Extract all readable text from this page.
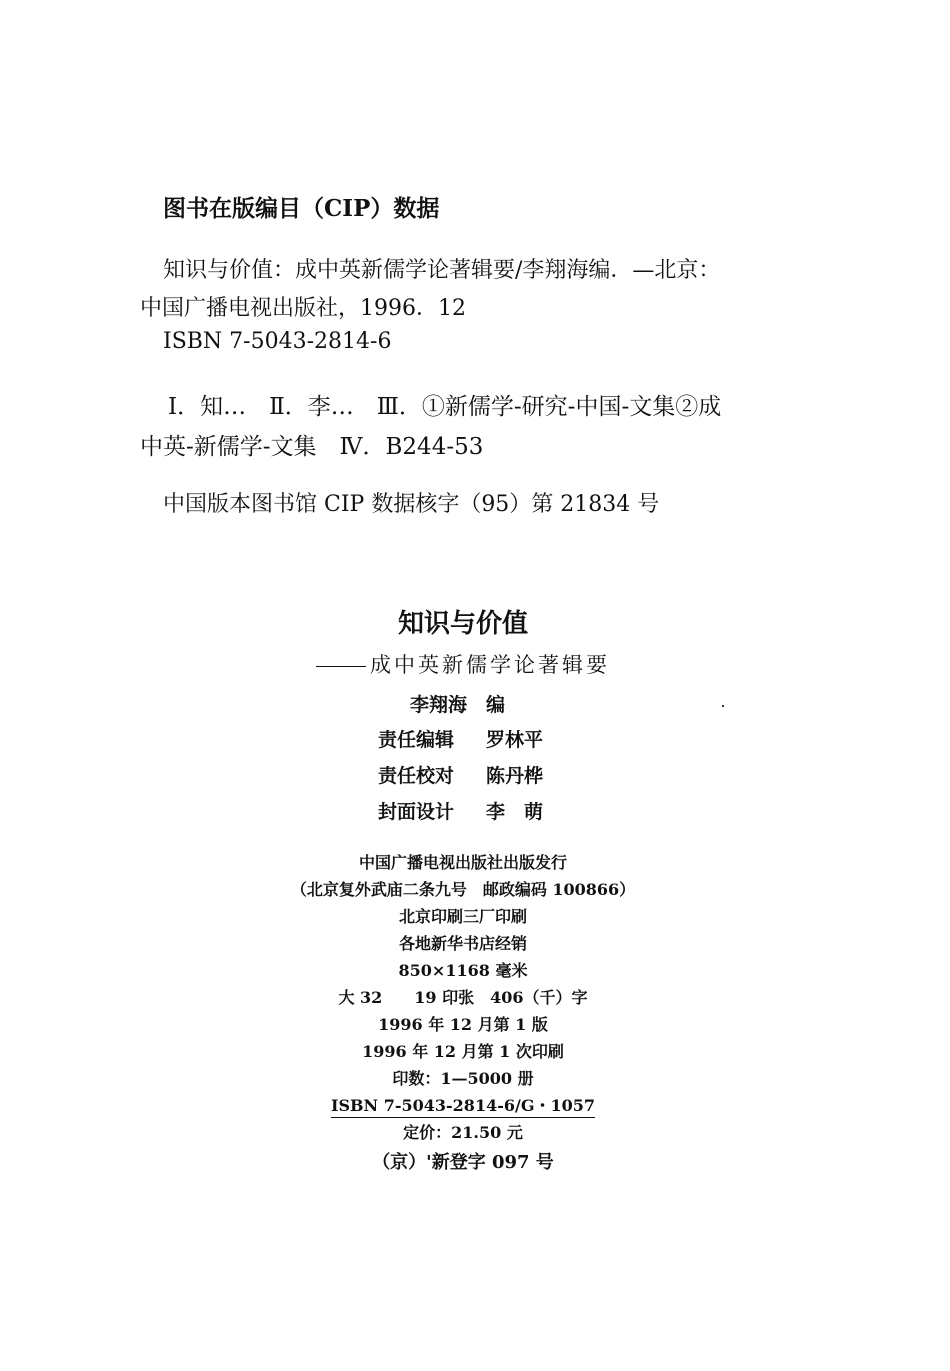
图书在版编目（CIP）数据
知识与价值：成中英新儒学论著辑要/李翔海编．—北京：
中国广播电视出版社，1996．12
ISBN 7-5043-2814-6
Ⅰ．知…　Ⅱ．李…　Ⅲ．①新儒学-研究-中国-文集②成
中英-新儒学-文集　Ⅳ．B244-53
中国版本图书馆 CIP 数据核字（95）第 21834 号
知识与价值
成中英新儒学论著辑要
李翔海　编
责任编辑 罗林平
责任校对 陈丹桦
封面设计 李　萌
中国广播电视出版社出版发行
（北京复外武庙二条九号　邮政编码 100866）
北京印刷三厂印刷
各地新华书店经销
850×1168 毫米
大 32　　19 印张　406（千）字
1996 年 12 月第 1 版
1996 年 12 月第 1 次印刷
印数：1—5000 册
ISBN 7-5043-2814-6/G・1057
定价：21.50 元
（京）'新登字 097 号
